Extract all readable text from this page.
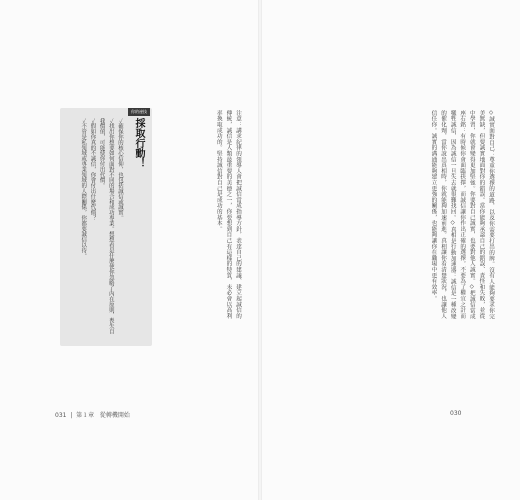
◇誠實面對自己：尊重你選擇的道路，以及你需要打出的牌。沒有人能夠要求你完美無缺，但要誠實地面對你的錯誤。當你能夠承認自己的錯誤、責怪和失敗，並從中學習，你就會變得更加堅強。你要對自己誠實，也要對他人誠實。◇把誠信當成座右銘：有時候你會面臨抉擇，而誠信讓你作出正確的選擇。不要為了權宜之計而犧牲誠信，因為誠信一旦失去就很難找回。◇真相是行動加速器：誠信是一種改變的催化劑，當你說出真相時，你就能夠加速前進。真相讓你看清楚狀況，也讓他人信任你。誠實的溝通能夠建立更強的關係，也能夠讓你在職場中更有效率。
注意：講求紀律的領導人會把誠信當成指導方針，表達自己的建議、建立起誠信的傳統，誠信是人類最重要的美德之一，你要想到自己有這樣的特質，未必會以高利率換取成功的。堅持誠信對自己是成功的基本。
你的祕技
採取行動！
✓確保你的核心信仰，也包括誠信或誠實。
✓找出你想要如何面對不同的場合和成功專業。想想看是什麼使你忽略了內在原則，喪失自我價值，可能使你付出代價。
✓假如你真的不誠信，你會付出什麼代價？
✓不管是私領域或專業領域的人際關係，你都要誠信以待。
031  |  第１章 從轉機開始	030
